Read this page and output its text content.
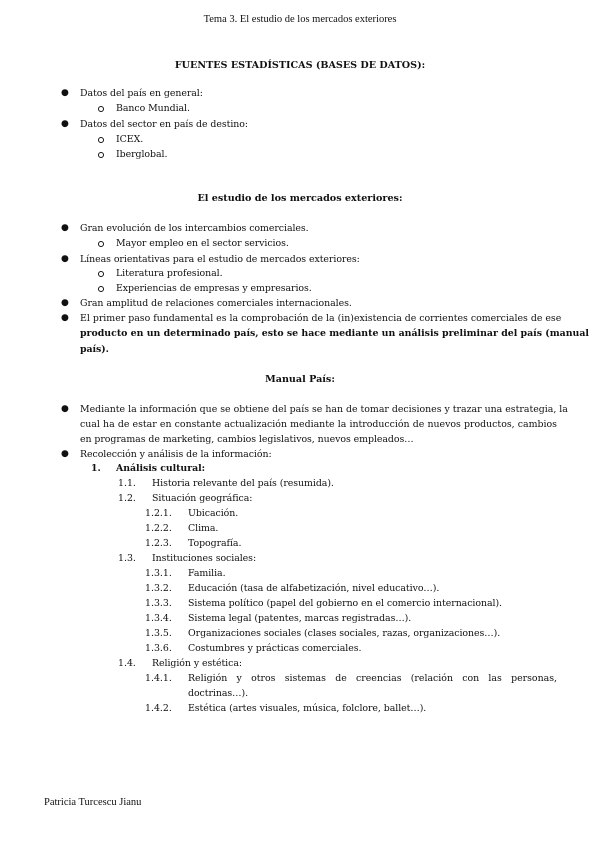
Tema 3. El estudio de los mercados exteriores
FUENTES ESTADÍSTICAS (BASES DE DATOS):
● Datos del país en general:
Banco Mundial.
● Datos del sector en país de destino:
ICEX.
Iberglobal.
El estudio de los mercados exteriores:
● Gran evolución de los intercambios comerciales.
Mayor empleo en el sector servicios.
● Líneas orientativas para el estudio de mercados exteriores:
Literatura profesional.
Experiencias de empresas y empresarios.
● Gran amplitud de relaciones comerciales internacionales.
● El primer paso fundamental es la comprobación de la (in)existencia de corrientes comerciales de ese
producto en un determinado país, esto se hace mediante un análisis preliminar del país (manual
país).
Manual País:
● Mediante la información que se obtiene del país se han de tomar decisiones y trazar una estrategia, la
cual ha de estar en constante actualización mediante la introducción de nuevos productos, cambios
en programas de marketing, cambios legislativos, nuevos empleados…
● Recolección y análisis de la información:
1. Análisis cultural:
1.1. Historia relevante del país (resumida).
1.2. Situación geográfica:
1.2.1. Ubicación.
1.2.2. Clima.
1.2.3. Topografía.
1.3. Instituciones sociales:
1.3.1. Familia.
1.3.2. Educación (tasa de alfabetización, nivel educativo…).
1.3.3. Sistema político (papel del gobierno en el comercio internacional).
1.3.4. Sistema legal (patentes, marcas registradas…).
1.3.5. Organizaciones sociales (clases sociales, razas, organizaciones…).
1.3.6. Costumbres y prácticas comerciales.
1.4. Religión y estética:
1.4.1. Religión y otros sistemas de creencias (relación con las personas,
doctrinas…).
1.4.2. Estética (artes visuales, música, folclore, ballet…).
Patricia Turcescu Jianu
